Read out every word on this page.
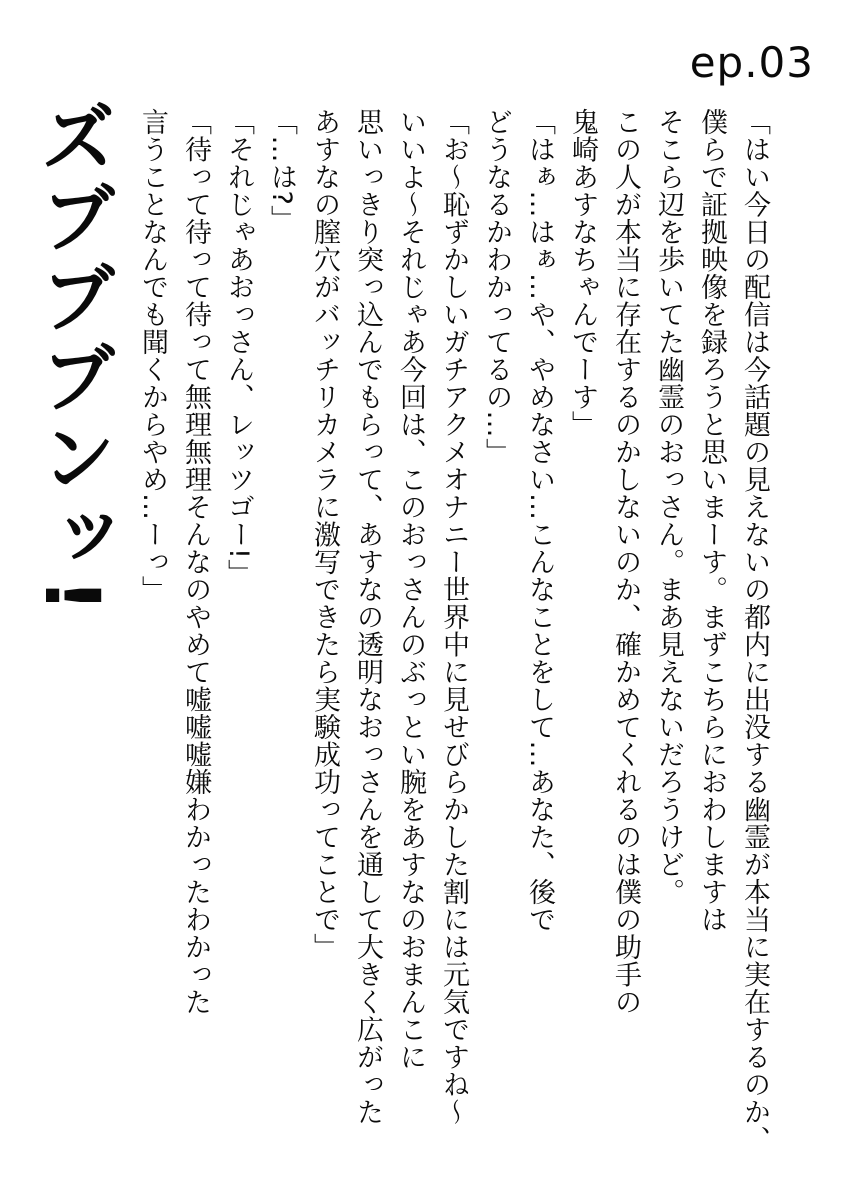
ep.03
「はい今日の配信は今話題の見えないの都内に出没する幽霊が本当に実在するのか、
僕らで証拠映像を録ろうと思いまーす。まずこちらにおわしますは
そこら辺を歩いてた幽霊のおっさん。まあ見えないだろうけど。
この人が本当に存在するのかしないのか、確かめてくれるのは僕の助手の
鬼崎あすなちゃんでーす」
「はぁ…はぁ…や、やめなさい…こんなことをして…あなた、後で
どうなるかわかってるの…」
「お〜恥ずかしいガチアクメオナニー世界中に見せびらかした割には元気ですね〜
いいよ〜それじゃあ今回は、このおっさんのぶっとい腕をあすなのおまんこに
思いっきり突っ込んでもらって、あすなの透明なおっさんを通して大きく広がった
あすなの膣穴がバッチリカメラに激写できたら実験成功ってことで」
「…は?」
「それじゃあおっさん、レッツゴー!」
「待って待って待って無理無理そんなのやめて嘘嘘嘘嫌わかったわかった
言うことなんでも聞くからやめ…ーっ」
ズブブブンッ!
